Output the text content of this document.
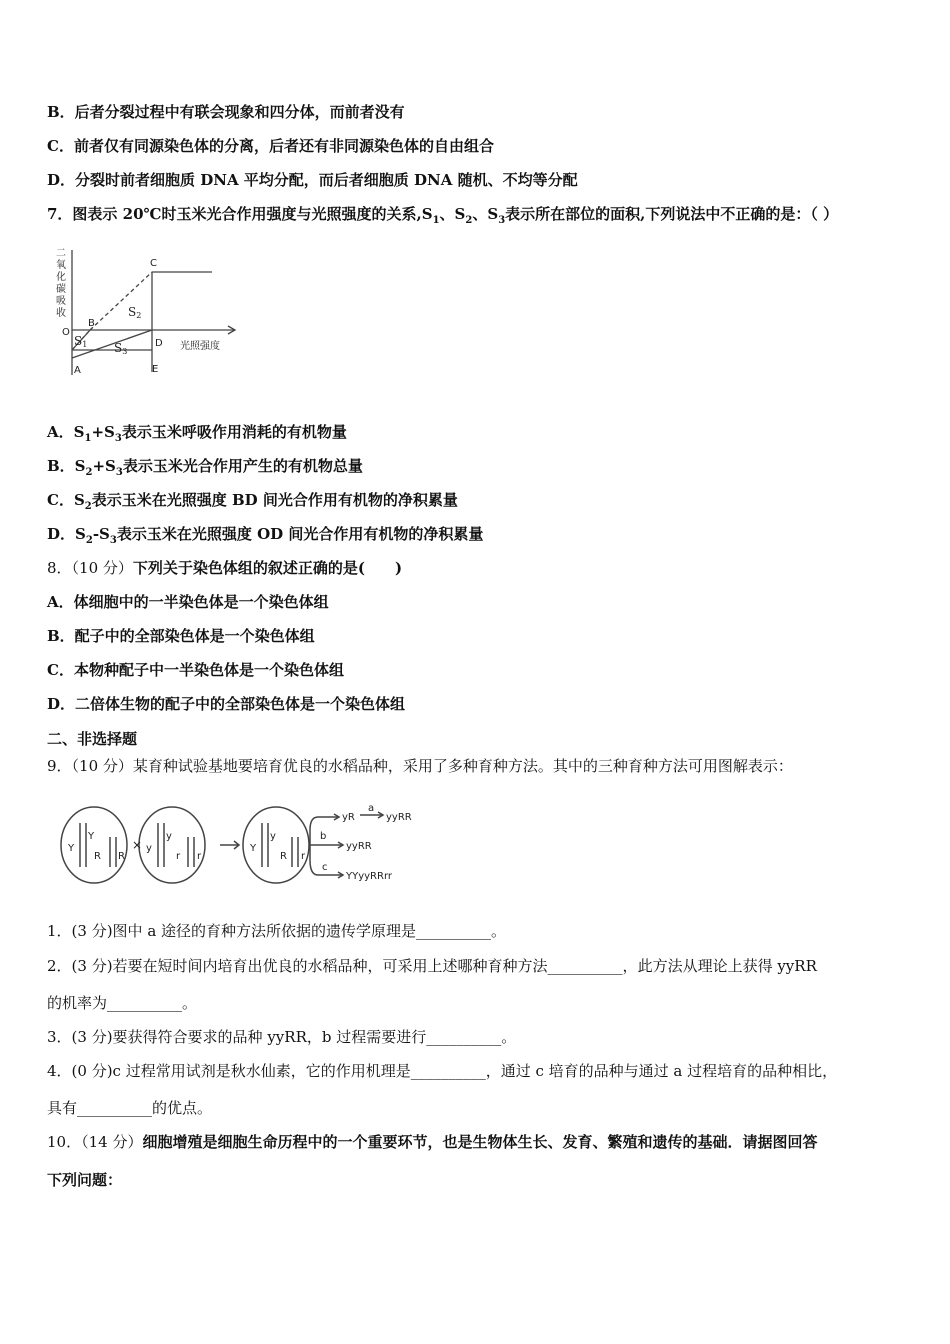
B．后者分裂过程中有联会现象和四分体，而前者没有
C．前者仅有同源染色体的分离，后者还有非同源染色体的自由组合
D．分裂时前者细胞质 DNA 平均分配，而后者细胞质 DNA 随机、不均等分配
7．图表示 20℃时玉米光合作用强度与光照强度的关系$,S_1$、$S_2$、$S_3$表示所在部位的面积,下列说法中不正确的是：（ ）
二
氧
化
碳
吸
收
O
B
C
D
A	E
光照强度
S1
S2
S3
A．$S_1+S_3$表示玉米呼吸作用消耗的有机物量
B．$S_2+S_3$表示玉米光合作用产生的有机物总量
C．$S_2$表示玉米在光照强度 BD 间光合作用有机物的净积累量
D．$S_2-S_3$表示玉米在光照强度 OD 间光合作用有机物的净积累量
8．（10 分）下列关于染色体组的叙述正确的是(　　)
A．体细胞中的一半染色体是一个染色体组
B．配子中的全部染色体是一个染色体组
C．本物种配子中一半染色体是一个染色体组
D．二倍体生物的配子中的全部染色体是一个染色体组
二、非选择题
9．（10 分）某育种试验基地要培育优良的水稻品种，采用了多种育种方法。其中的三种育种方法可用图解表示：
Y
Y
R R
× y
y
r r
Y
y
R r
yR
a
yyRR
b
yyRR
c
YYyyRRrr
1．(3 分)图中 a 途径的育种方法所依据的遗传学原理是__________。
2．(3 分)若要在短时间内培育出优良的水稻品种，可采用上述哪种育种方法__________，此方法从理论上获得 yyRR
的机率为__________。
3．(3 分)要获得符合要求的品种 yyRR，b 过程需要进行__________。
4．(0 分)c 过程常用试剂是秋水仙素，它的作用机理是__________，通过 c 培育的品种与通过 a 过程培育的品种相比，
具有__________的优点。
10．（14 分）细胞增殖是细胞生命历程中的一个重要环节，也是生物体生长、发育、繁殖和遗传的基础．请据图回答
下列问题：
